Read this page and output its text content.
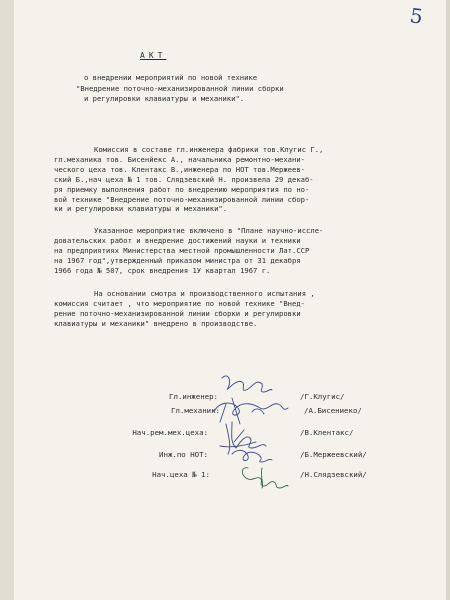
5
АКТ
о внедрении мероприятий по новой технике
"Внедрение поточно-механизированной линии сборки
и регулировки клавиатуры и механики".
Комиссия в составе гл.инженера фабрики тов.Клугис Г.,
гл.механика тов. Бисенйекс А., начальника ремонтно-механи-
ческого цеха тов. Клентакс В.,инженера по НОТ тов.Мержеев-
ский Б.,нач цеха № 1 тов. Слядзевский Н. произвела 29 декаб-
ря приемку выполнения работ по внедрению мероприятия по но-
вой технике "Внедрение поточно-механизированной линии сбор-
ки и регулировки клавиатуры и механики".
Указанное мероприятие включено в "Плане научно-иссле-
довательских работ и внедрение достижений науки и техники
на предприятиях Министерства местной промышленности Лат.ССР
на 1967 год",утвержденный приказом министра от 31 декабря
1966 года № 507, срок внедрения 1У квартал 1967 г.
На основании смотра и производственного испытания ,
комиссия считает , что мероприятие по новой технике "Внед-
рение поточно-механизированной линии сборки и регулировки
клавиатуры и механики" внедрено в производстве.
Гл.инженер:	/Г.Клугис/
Гл.механик:	/А.Бисениеко/
Нач.рем.мех.цеха:	/В.Клентакс/
Инж.по НОТ:	/Б.Мержеевский/
Нач.цеха № 1:	/Н.Слядзевский/
